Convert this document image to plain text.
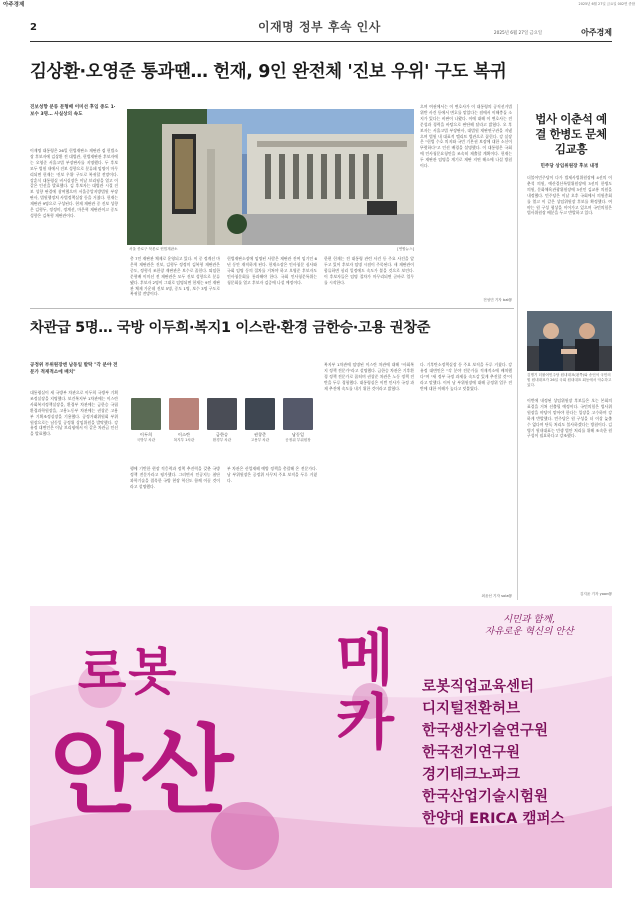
아주경제	2025년 6월 27일 금요일 002면 종합
2	이재명 정부 후속 인사	2025년 6월 27일 금요일	아주경제
김상환·오영준 통과땐… 헌재, 9인 완전체 '진보 우위' 구도 복귀
진보성향 분류 문형배 이미선 후임 중도 1·보수 3명… 사실상의 속도
이재명 대통령은 26일 헌법재판소 재판관 겸 헌법소장 후보자에 김상환 전 대법관, 헌법재판관 후보자에는 오영준 서울고법 부장판사를 지명했다. 두 후보 모두 법원 내에서 진보 성향으로 분류돼 임명이 마무리되면 헌재는 '진보 우위' 구도로 복귀할 전망이다. 강훈식 대통령실 비서실장은 이날 브리핑을 열고 이 같은 인선을 발표했다. 김 후보자는 대법관 시절 진보 성향 판결에 참여했으며 서울중앙지방법원 부장판사, 법원행정처 사법정책실장 등을 거쳤다. 헌재는 재판관 9명으로 구성된다. 현재 재판관 중 진보 성향은 김형두, 정정미, 정계선, 마은혁 재판관이고 중도 성향은 김복형 재판관이다.
서울 종로구 북촌로 헌법재판소	[연합뉴스]
총 7인 재판관 체제로 운영되고 있다. 이 중 정계선 마은혁 재판관은 진보, 김형두 정정미 김복형 재판관은 중도, 정형식 조한창 재판관은 보수로 꼽힌다. 퇴임한 문형배 이미선 전 재판관은 모두 진보 성향으로 분류됐다. 후보자 2명이 그대로 임명되면 헌재는 9인 재판관 체제 가운데 진보 5명, 중도 1명, 보수 3명 구도로 복귀할 전망이다.
헌법재판소장에 임명된 사람은 재판관 잔여 임기인 6년 동안 재직하게 된다. 헌재소장은 인사청문 심사와 국회 임명 동의 절차를 거쳐야 하고 오영준 후보자도 인사청문회를 통과해야 한다. 국회 인사청문특위는 청문회를 열고 후보자 검증에 나설 예정이다.
한편 헌재는 전 대통령 관련 사건 등 주요 사건을 앞두고 있어 후보자 임명 시점이 주목된다. 새 재판관이 합류하면 심리 일정에도 속도가 붙을 것으로 보인다. 이 후보자들은 임명 절차가 마무리되면 곧바로 업무를 시작한다.
으며 여권에서는 이 변호사가 이 대통령의 공직선거법 위반 사건 등에서 변호를 맡았다는 점에서 이해충돌 소지가 있다는 비판이 나왔다. 이에 대해 이 변호사는 전문성과 경력을 바탕으로 판단해 달라고 밝혔다. 오 후보자는 서울고법 부장판사, 대법원 재판연구관을 지냈으며 법원 내 대표적 엘리트 법관으로 꼽힌다. 강 실장은 "헌법 수호 의지와 국민 기본권 보장에 대한 소신이 뚜렷하다"고 인선 배경을 설명했다. 이 대통령은 국회에 인사청문요청안을 조속히 제출할 계획이다. 헌재는 두 재판관 임명을 계기로 재판 지연 해소에 나설 방침이다.
전성민 기자 bal@
법사 이춘석 예결 한병도 문체 김교흥
민주당 상임위원장 후보 내정
더불어민주당이 다가 법제사법위원장에 4선의 이춘석 의원, 예산결산특별위원장에 3선의 한병도 의원, 문화체육관광위원장에 3선인 김교흥 의원을 내정했다. 민주당은 이날 오후 국회에서 의원총회를 열고 이 같은 상임위원장 후보를 확정했다. 여야는 원 구성 협상을 이어가고 있으며 국민의힘은 법사위원장 배분을 두고 반발하고 있다.
김병기 더불어민주당 원내대표(왼쪽)와 송언석 국민의힘 원내대표가 26일 국회 원내대표 회동에서 악수하고 있다.
이번에 내정된 상임위원장 후보들은 오는 본회의 표결을 거쳐 선출될 예정이다. 국민의힘은 법사위원장을 야당이 맡아야 한다는 입장을 고수하며 강하게 반발했다. 민주당은 원 구성을 더 이상 늦출 수 없다며 단독 처리도 불사하겠다는 방침이다. 김병기 원내대표는 민생 법안 처리를 위해 조속한 원 구성이 필요하다고 강조했다.
김지윤 기자 yoon@
차관급 5명… 국방 이두희·복지1 이스란·환경 금한승·고용 권창준
공정위 부위원장엔 남동일 발탁 "각 분야 전문가 적재적소에 배치"
대통령실이 새 국방부 차관으로 이두희 국방부 기획조정실장을 지명했다. 보건복지부 1차관에는 이스란 사회복지정책실장을, 환경부 차관에는 금한승 국립환경과학원장을, 고용노동부 차관에는 권창준 고용부 기획조정실장을 기용했다. 공정거래위원회 부위원장으로는 남동일 공정위 상임위원을 발탁했다. 강유정 대변인은 이날 브리핑에서 이 같은 차관급 인선을 발표했다.	이두희
국방부 차관
이스란
복지부 1차관
금한승
환경부 차관
권창준
고용부 차관
남동일
공정위 부위원장
행에 기반한 현장 적응력과 정책 추진력을 갖춘 국방 정책 전문가라고 평가했다. 그러면서 인공지능 첨단과학기술을 접목한 국방 현장 혁신도 함께 이끌 것이라고 설명했다.
부 차관은 산업재해 예방 정책을 총괄해 온 전문가다. 남 부위원장은 공정위 사무처 주요 보직을 두루 거쳤다.
복지부 1차관에 임명된 이스란 차관에 대해 "사회복지 정책 전문가"라고 설명했다. 금한승 차관은 기후환경 정책 전문가로 꼽히며 권창준 차관은 노동 정책 전반을 두루 경험했다. 대통령실은 이번 인사가 국정 과제 추진에 속도를 내기 위한 것이라고 밝혔다.
다. 기후탄소정책실장 등 주요 보직을 두루 거쳤다. 강유정 대변인은 "각 분야 전문가를 적재적소에 배치했다"며 "새 정부 국정 과제를 속도감 있게 추진할 것"이라고 말했다. 이어 남 부위원장에 대해 공정위 업무 전반에 대한 이해가 높다고 덧붙였다.
최윤선 기자 sola@
시민과 함께,
자유로운 혁신의 안산
로봇	메카
안산
로봇직업교육센터
디지털전환허브
한국생산기술연구원
한국전기연구원
경기테크노파크
한국산업기술시험원
한양대 ERICA 캠퍼스
